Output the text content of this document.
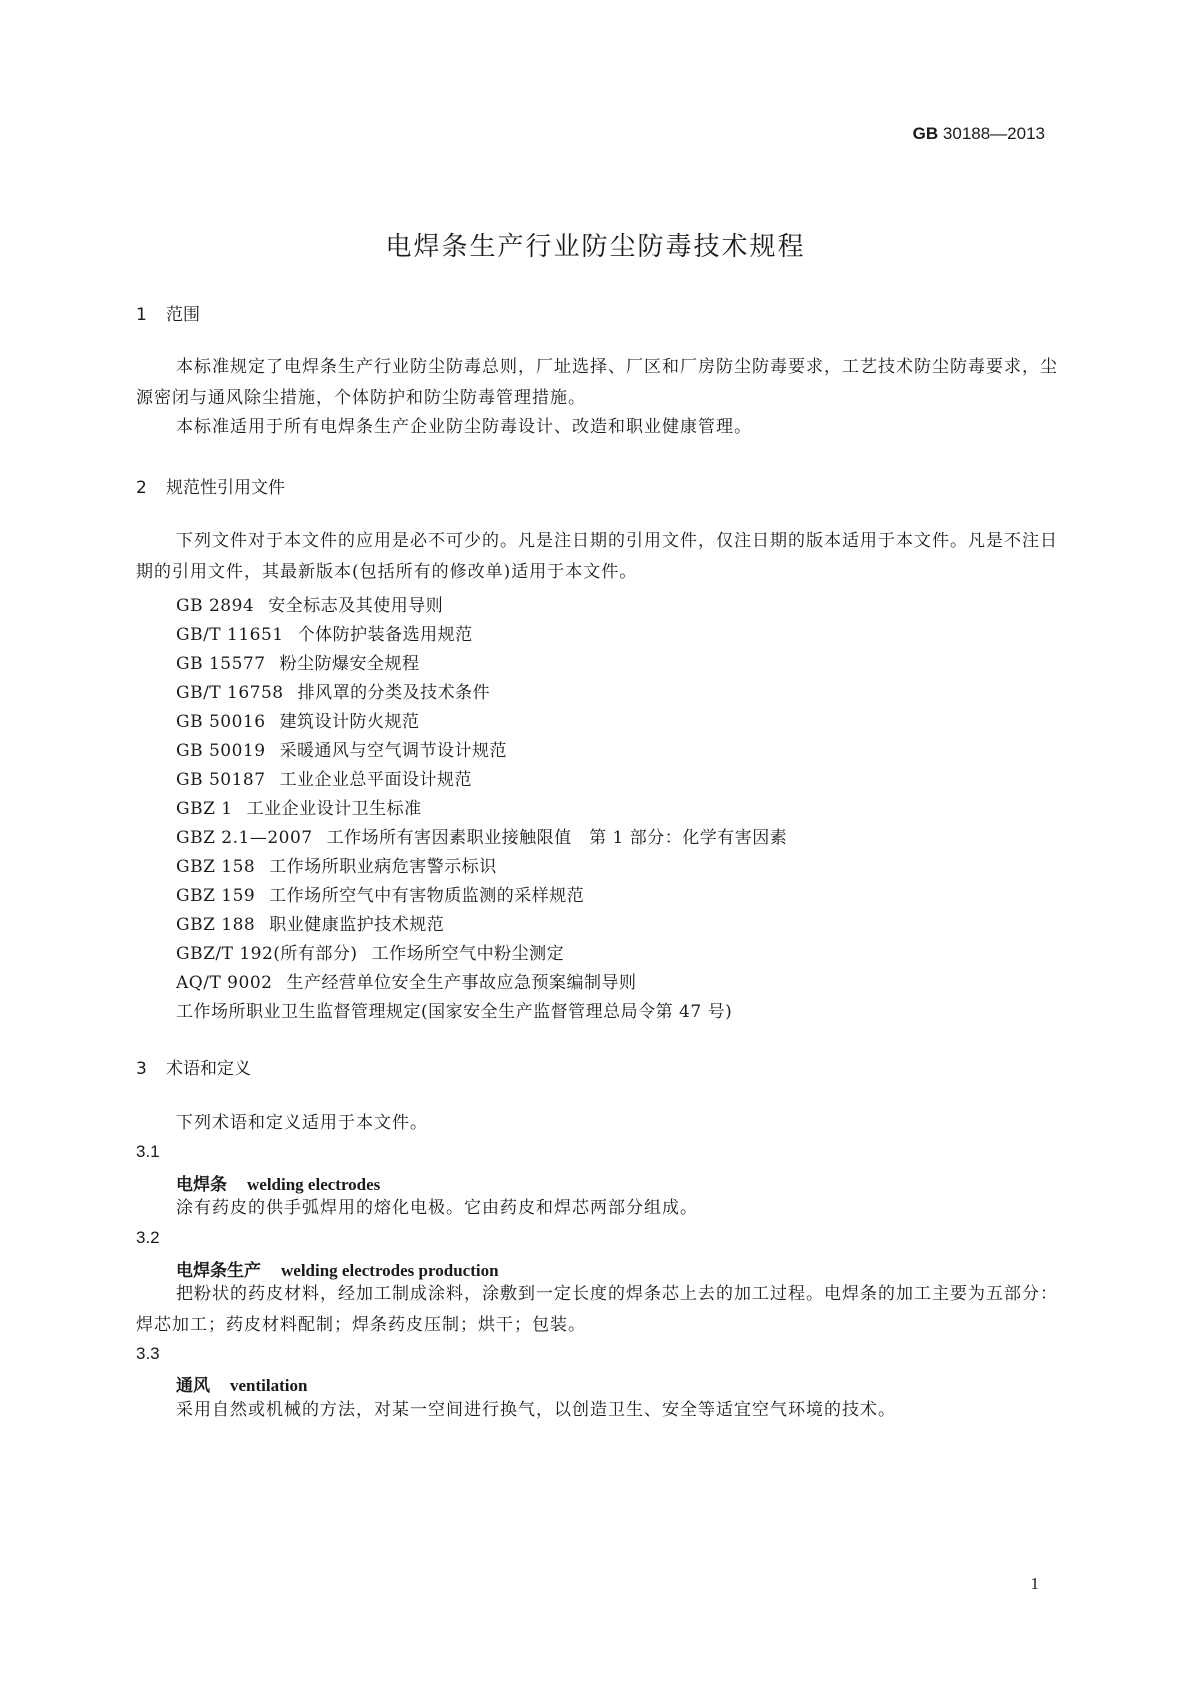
GB 30188—2013
电焊条生产行业防尘防毒技术规程
1 范围
本标准规定了电焊条生产行业防尘防毒总则，厂址选择、厂区和厂房防尘防毒要求，工艺技术防尘防毒要求，尘源密闭与通风除尘措施，个体防护和防尘防毒管理措施。
本标准适用于所有电焊条生产企业防尘防毒设计、改造和职业健康管理。
2 规范性引用文件
下列文件对于本文件的应用是必不可少的。凡是注日期的引用文件，仅注日期的版本适用于本文件。凡是不注日期的引用文件，其最新版本(包括所有的修改单)适用于本文件。
GB 2894 安全标志及其使用导则
GB/T 11651 个体防护装备选用规范
GB 15577 粉尘防爆安全规程
GB/T 16758 排风罩的分类及技术条件
GB 50016 建筑设计防火规范
GB 50019 采暖通风与空气调节设计规范
GB 50187 工业企业总平面设计规范
GBZ 1 工业企业设计卫生标准
GBZ 2.1—2007 工作场所有害因素职业接触限值　第 1 部分：化学有害因素
GBZ 158 工作场所职业病危害警示标识
GBZ 159 工作场所空气中有害物质监测的采样规范
GBZ 188 职业健康监护技术规范
GBZ/T 192(所有部分) 工作场所空气中粉尘测定
AQ/T 9002 生产经营单位安全生产事故应急预案编制导则
工作场所职业卫生监督管理规定(国家安全生产监督管理总局令第 47 号)
3 术语和定义
下列术语和定义适用于本文件。
3.1
电焊条 welding electrodes
涂有药皮的供手弧焊用的熔化电极。它由药皮和焊芯两部分组成。
3.2
电焊条生产 welding electrodes production
把粉状的药皮材料，经加工制成涂料，涂敷到一定长度的焊条芯上去的加工过程。电焊条的加工主要为五部分：焊芯加工；药皮材料配制；焊条药皮压制；烘干；包装。
3.3
通风 ventilation
采用自然或机械的方法，对某一空间进行换气，以创造卫生、安全等适宜空气环境的技术。
1
